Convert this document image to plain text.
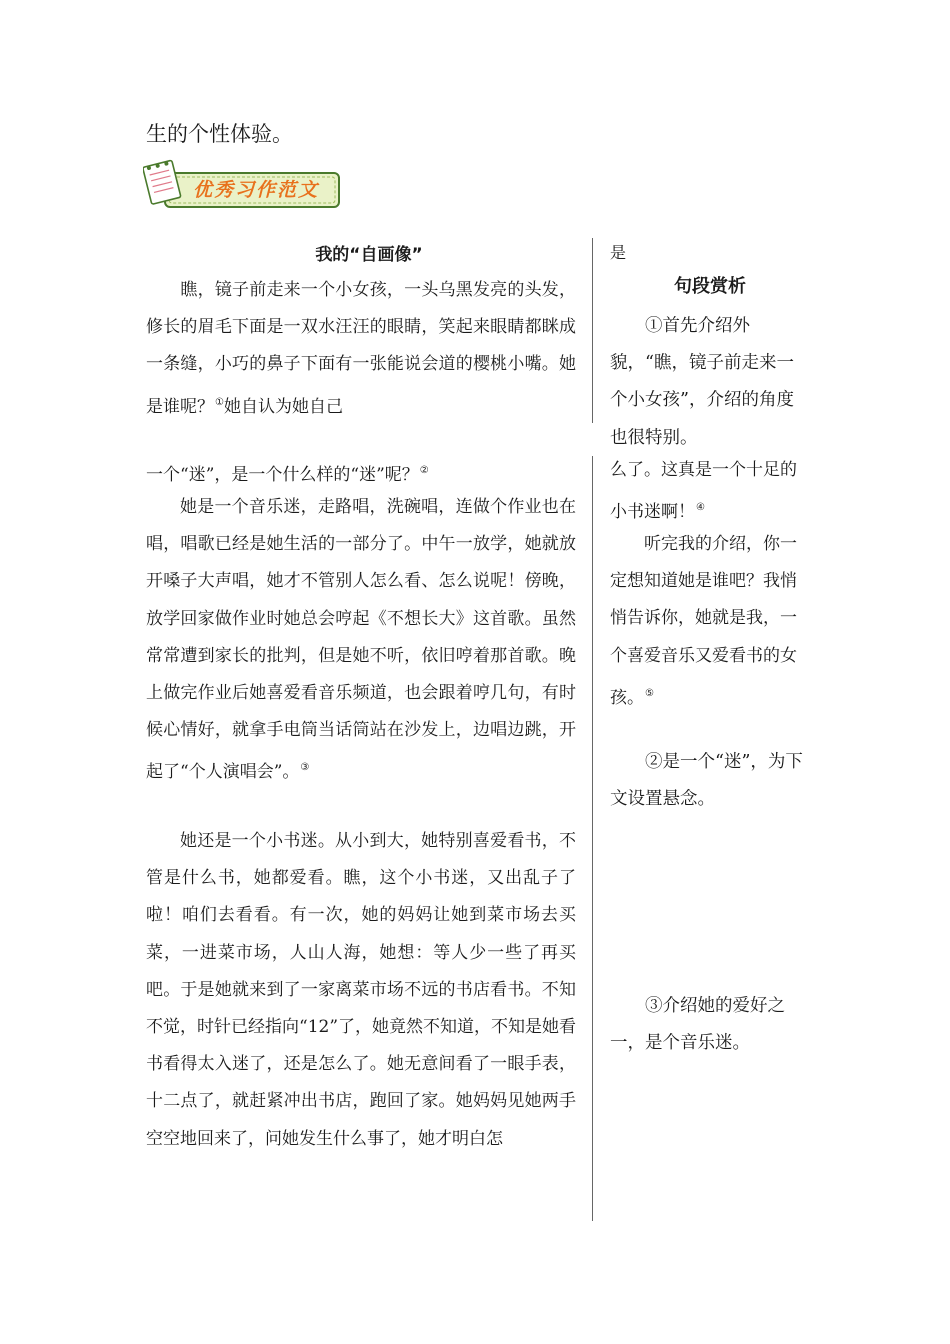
生的个性体验。
优秀习作范文
我的“自画像”

　　瞧，镜子前走来一个小女孩，一头乌黑发亮的头发，修长的眉毛下面是一双水汪汪的眼睛，笑起来眼睛都眯成一条缝，小巧的鼻子下面有一张能说会道的樱桃小嘴。她是谁呢？①她自认为她自己

一个“迷”，是一个什么样的“迷”呢？②

她是一个音乐迷，走路唱，洗碗唱，连做个作业也在唱，唱歌已经是她生活的一部分了。中午一放学，她就放开嗓子大声唱，她才不管别人怎么看、怎么说呢！傍晚，放学回家做作业时她总会哼起《不想长大》这首歌。虽然常常遭到家长的批判，但是她不听，依旧哼着那首歌。晚上做完作业后她喜爱看音乐频道，也会跟着哼几句，有时候心情好，就拿手电筒当话筒站在沙发上，边唱边跳，开起了“个人演唱会”。③

她还是一个小书迷。从小到大，她特别喜爱看书，不管是什么书，她都爱看。瞧，这个小书迷，又出乱子了啦！咱们去看看。有一次，她的妈妈让她到菜市场去买菜，一进菜市场，人山人海，她想：等人少一些了再买吧。于是她就来到了一家离菜市场不远的书店看书。不知不觉，时针已经指向“12”了，她竟然不知道，不知是她看书看得太入迷了，还是怎么了。她无意间看了一眼手表，十二点了，就赶紧冲出书店，跑回了家。她妈妈见她两手空空地回来了，问她发生什么事了，她才明白怎

是
句段赏析

①首先介绍外貌，“瞧，镜子前走来一个小女孩”，介绍的角度也很特别。

么了。这真是一个十足的小书迷啊！④

听完我的介绍，你一定想知道她是谁吧？我悄悄告诉你，她就是我，一个喜爱音乐又爱看书的女孩。⑤

②是一个“迷”，为下文设置悬念。

③介绍她的爱好之一，是个音乐迷。
